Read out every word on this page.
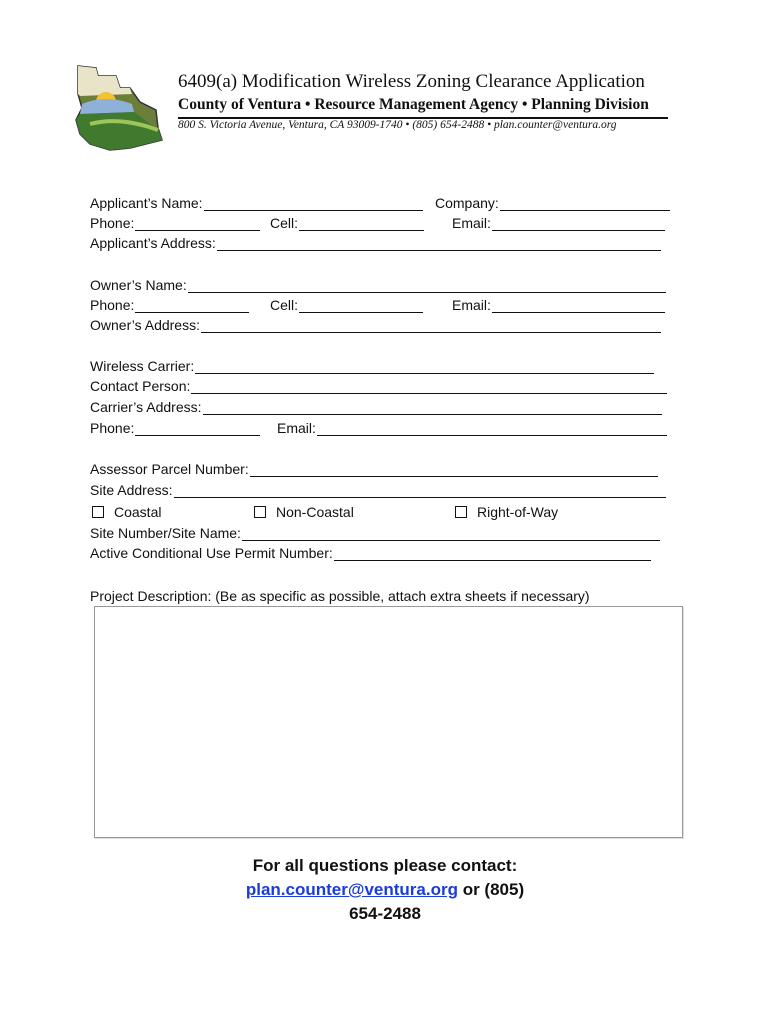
6409(a) Modification Wireless Zoning Clearance Application
County of Ventura • Resource Management Agency • Planning Division
800 S. Victoria Avenue, Ventura, CA 93009-1740 • (805) 654-2488 • plan.counter@ventura.org
Applicant’s Name:	Company:
Phone:	Cell:	Email:
Applicant’s Address:
Owner’s Name:
Phone:	Cell:	Email:
Owner’s Address:
Wireless Carrier:
Contact Person:
Carrier’s Address:
Phone:	Email:
Assessor Parcel Number:
Site Address:
Coastal	Non-Coastal	Right-of-Way
Site Number/Site Name:
Active Conditional Use Permit Number:
Project Description: (Be as specific as possible, attach extra sheets if necessary)
For all questions please contact:
plan.counter@ventura.org or (805)
654-2488
